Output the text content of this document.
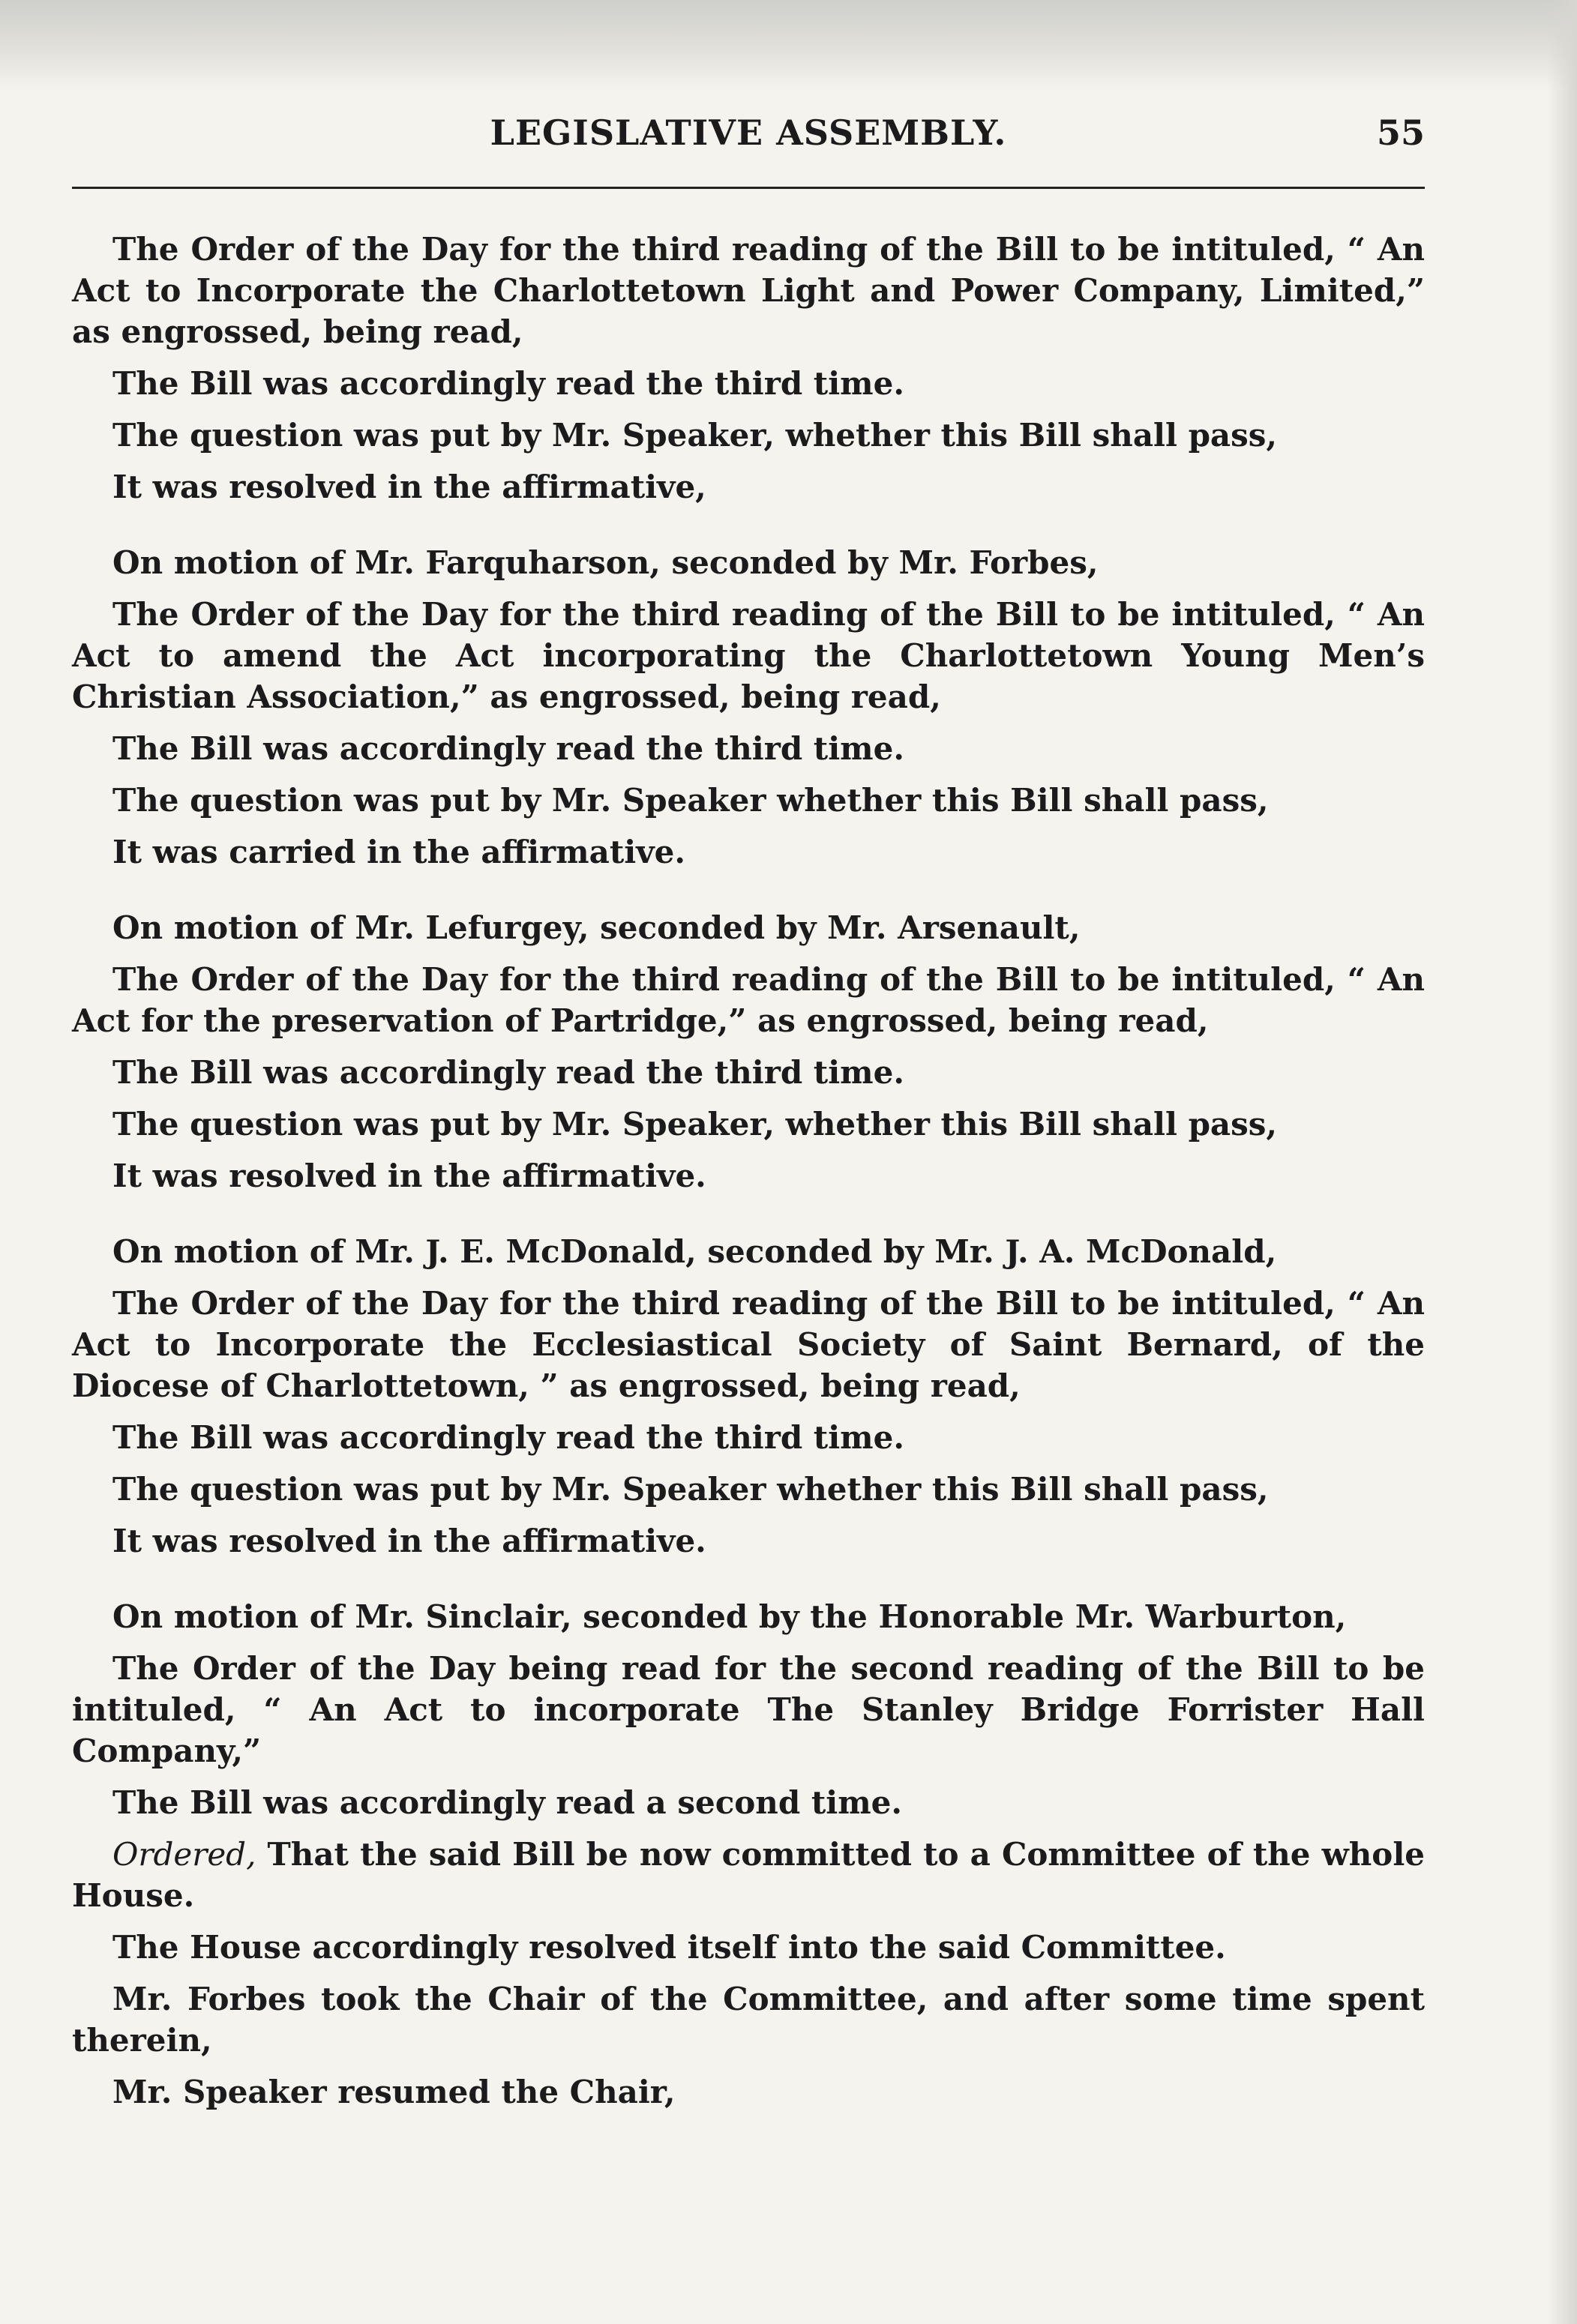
LEGISLATIVE ASSEMBLY.	55

The Order of the Day for the third reading of the Bill to be intituled, “ An Act to Incorporate the Charlottetown Light and Power Company, Limited,” as engrossed, being read,

The Bill was accordingly read the third time.

The question was put by Mr. Speaker, whether this Bill shall pass,

It was resolved in the affirmative,

On motion of Mr. Farquharson, seconded by Mr. Forbes,

The Order of the Day for the third reading of the Bill to be intituled, “ An Act to amend the Act incorporating the Charlottetown Young Men’s Christian Association,” as engrossed, being read,

The Bill was accordingly read the third time.

The question was put by Mr. Speaker whether this Bill shall pass,

It was carried in the affirmative.

On motion of Mr. Lefurgey, seconded by Mr. Arsenault,

The Order of the Day for the third reading of the Bill to be intituled, “ An Act for the preservation of Partridge,” as engrossed, being read,

The Bill was accordingly read the third time.

The question was put by Mr. Speaker, whether this Bill shall pass,

It was resolved in the affirmative.

On motion of Mr. J. E. McDonald, seconded by Mr. J. A. McDonald,

The Order of the Day for the third reading of the Bill to be intituled, “ An Act to Incorporate the Ecclesiastical Society of Saint Bernard, of the Diocese of Charlottetown, ” as engrossed, being read,

The Bill was accordingly read the third time.

The question was put by Mr. Speaker whether this Bill shall pass,

It was resolved in the affirmative.

On motion of Mr. Sinclair, seconded by the Honorable Mr. Warburton,

The Order of the Day being read for the second reading of the Bill to be intituled, “ An Act to incorporate The Stanley Bridge Forrister Hall Company,”

The Bill was accordingly read a second time.

Ordered, That the said Bill be now committed to a Committee of the whole House.

The House accordingly resolved itself into the said Committee.

Mr. Forbes took the Chair of the Committee, and after some time spent therein,

Mr. Speaker resumed the Chair,
